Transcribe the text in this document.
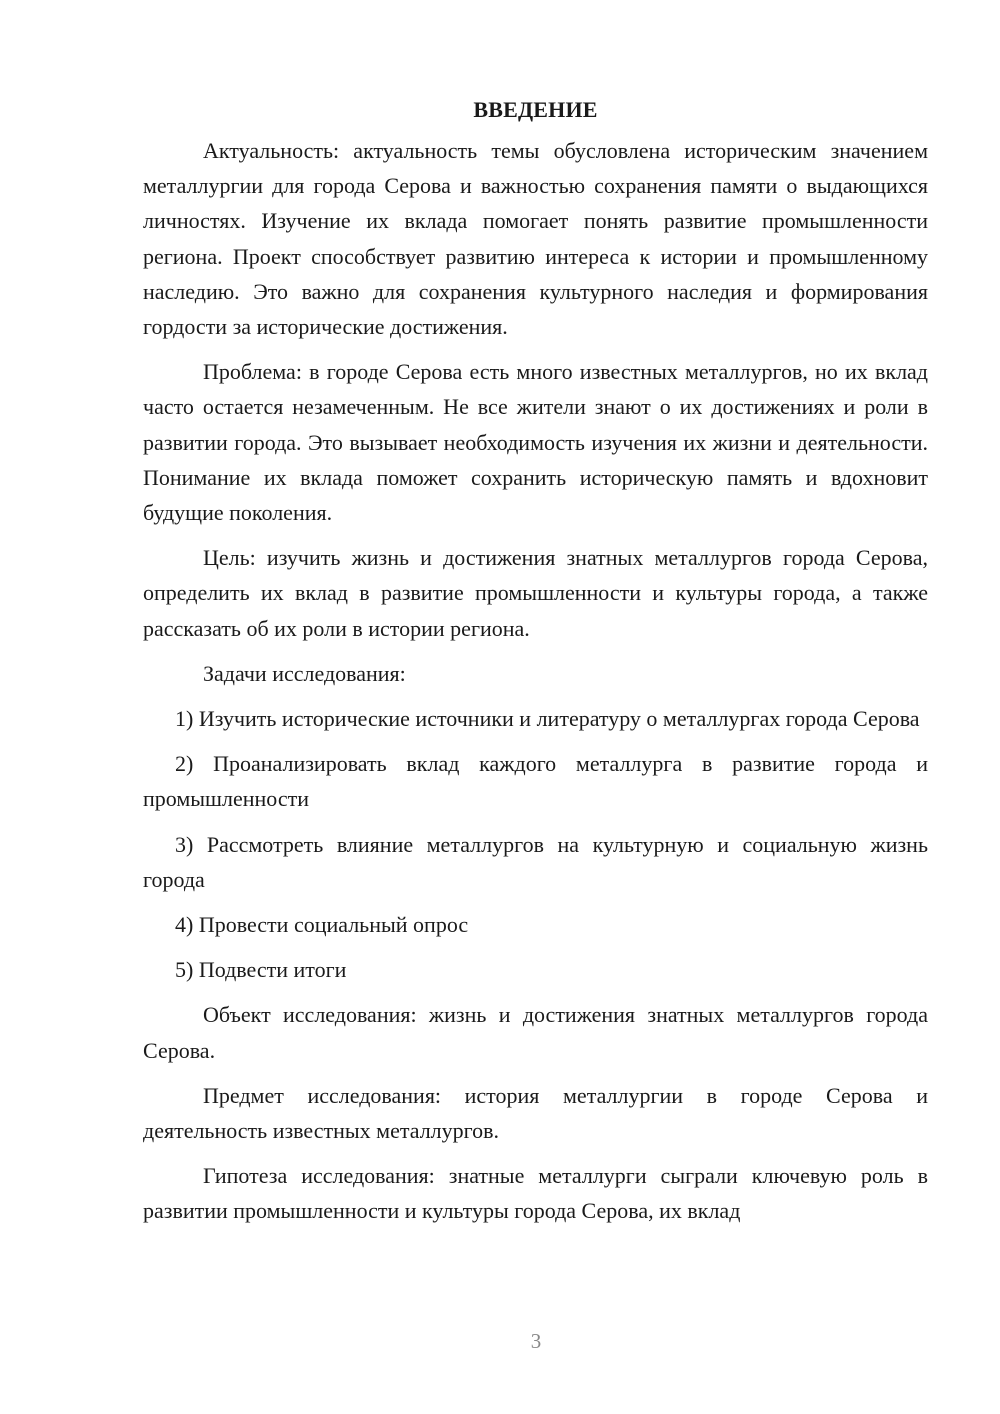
ВВЕДЕНИЕ

Актуальность: актуальность темы обусловлена историческим значением металлургии для города Серова и важностью сохранения памяти о выдающихся личностях. Изучение их вклада помогает понять развитие промышленности региона. Проект способствует развитию интереса к истории и промышленному наследию. Это важно для сохранения культурного наследия и формирования гордости за исторические достижения.

Проблема: в городе Серова есть много известных металлургов, но их вклад часто остается незамеченным. Не все жители знают о их достижениях и роли в развитии города. Это вызывает необходимость изучения их жизни и деятельности. Понимание их вклада поможет сохранить историческую память и вдохновит будущие поколения.

Цель: изучить жизнь и достижения знатных металлургов города Серова, определить их вклад в развитие промышленности и культуры города, а также рассказать об их роли в истории региона.

Задачи исследования:

1) Изучить исторические источники и литературу о металлургах города Серова

2) Проанализировать вклад каждого металлурга в развитие города и промышленности

3) Рассмотреть влияние металлургов на культурную и социальную жизнь города

4) Провести социальный опрос

5) Подвести итоги

Объект исследования: жизнь и достижения знатных металлургов города Серова.

Предмет исследования: история металлургии в городе Серова и деятельность известных металлургов.

Гипотеза исследования: знатные металлурги сыграли ключевую роль в развитии промышленности и культуры города Серова, их вклад

3
